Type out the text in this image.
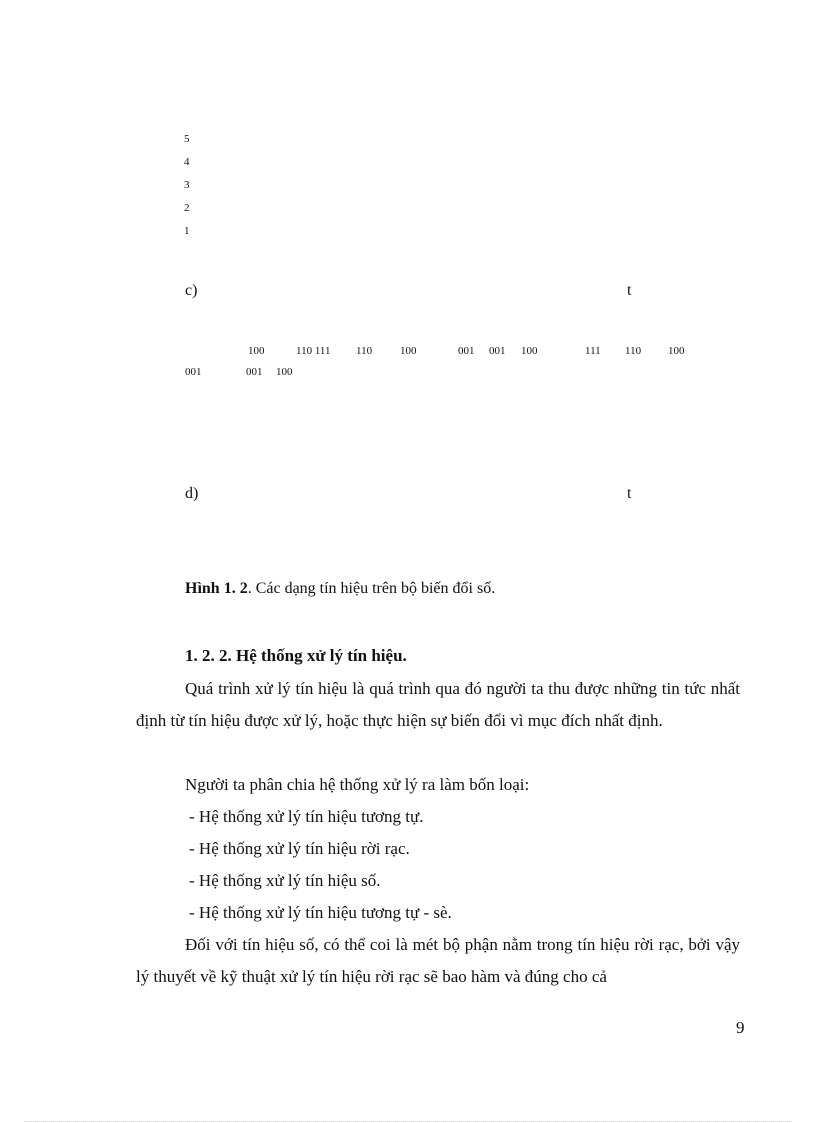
5
4
3
2
1
c)	t
100	110 111 110	100	001 001 100	111 110 100
001	001 100
d)	t
Hình 1. 2. Các dạng tín hiệu trên bộ biến đổi số.
1. 2. 2. Hệ thống xử lý tín hiệu.
Quá trình xử lý tín hiệu là quá trình qua đó người ta thu được những tin tức nhất định từ tín hiệu được xử lý, hoặc thực hiện sự biến đổi vì mục đích nhất định.
Người ta phân chia hệ thống xử lý ra làm bốn loại:
- Hệ thống xử lý tín hiệu tương tự.
- Hệ thống xử lý tín hiệu rời rạc.
- Hệ thống xử lý tín hiệu số.
- Hệ thống xử lý tín hiệu tương tự - sè.
Đối với tín hiệu số, có thể coi là mét bộ phận nằm trong tín hiệu rời rạc, bởi vậy lý thuyết về kỹ thuật xử lý tín hiệu rời rạc sẽ bao hàm và đúng cho cả
9
